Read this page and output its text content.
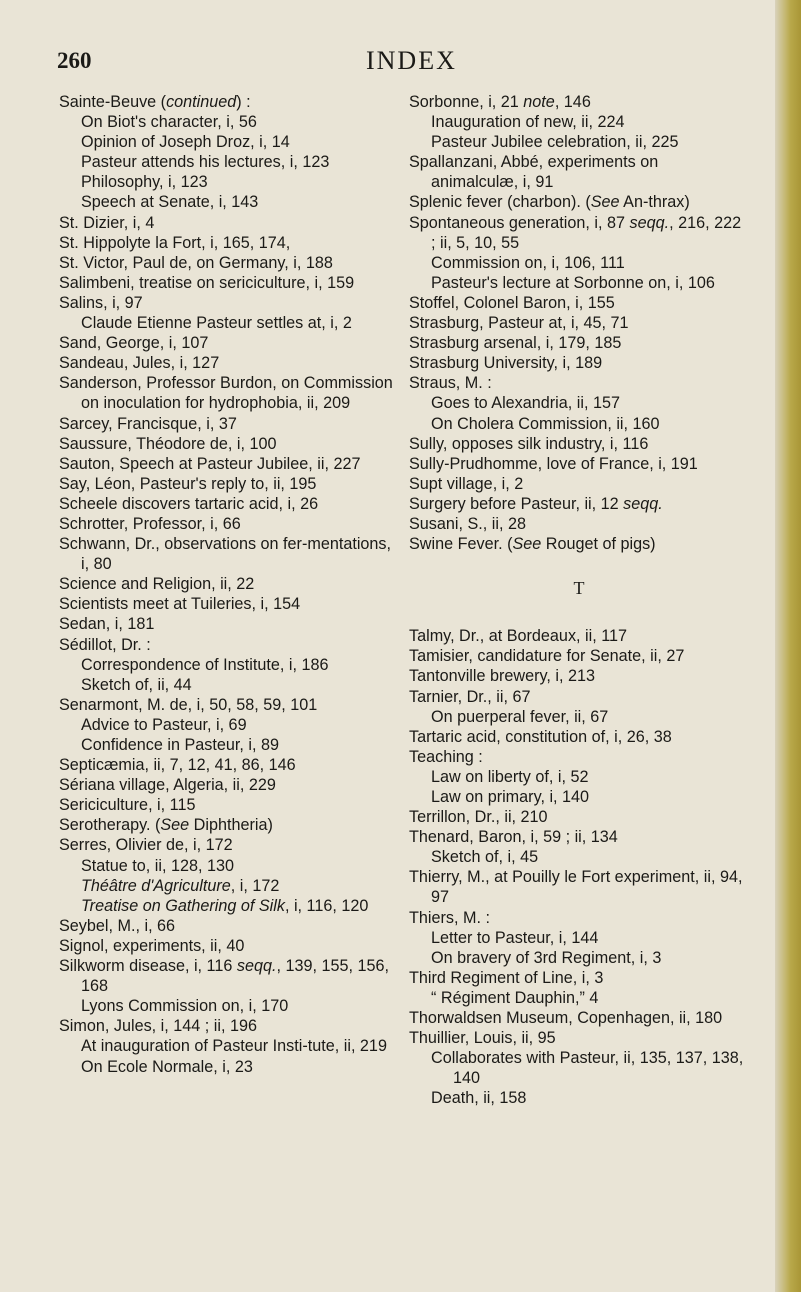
260	INDEX

Sainte-Beuve (continued) :

On Biot's character, i, 56

Opinion of Joseph Droz, i, 14

Pasteur attends his lectures, i, 123

Philosophy, i, 123

Speech at Senate, i, 143

St. Dizier, i, 4

St. Hippolyte la Fort, i, 165, 174,

St. Victor, Paul de, on Germany, i, 188

Salimbeni, treatise on sericiculture, i, 159

Salins, i, 97

Claude Etienne Pasteur settles at, i, 2

Sand, George, i, 107

Sandeau, Jules, i, 127

Sanderson, Professor Burdon, on Commission on inoculation for hydrophobia, ii, 209

Sarcey, Francisque, i, 37

Saussure, Théodore de, i, 100

Sauton, Speech at Pasteur Jubilee, ii, 227

Say, Léon, Pasteur's reply to, ii, 195

Scheele discovers tartaric acid, i, 26

Schrotter, Professor, i, 66

Schwann, Dr., observations on fer-mentations, i, 80

Science and Religion, ii, 22

Scientists meet at Tuileries, i, 154

Sedan, i, 181

Sédillot, Dr. :

Correspondence of Institute, i, 186

Sketch of, ii, 44

Senarmont, M. de, i, 50, 58, 59, 101

Advice to Pasteur, i, 69

Confidence in Pasteur, i, 89

Septicæmia, ii, 7, 12, 41, 86, 146

Sériana village, Algeria, ii, 229

Sericiculture, i, 115

Serotherapy. (See Diphtheria)

Serres, Olivier de, i, 172

Statue to, ii, 128, 130

Théâtre d'Agriculture, i, 172

Treatise on Gathering of Silk, i, 116, 120

Seybel, M., i, 66

Signol, experiments, ii, 40

Silkworm disease, i, 116 seqq., 139, 155, 156, 168

Lyons Commission on, i, 170

Simon, Jules, i, 144 ; ii, 196

At inauguration of Pasteur Insti-tute, ii, 219

On Ecole Normale, i, 23

Sorbonne, i, 21 note, 146

Inauguration of new, ii, 224

Pasteur Jubilee celebration, ii, 225

Spallanzani, Abbé, experiments on animalculæ, i, 91

Splenic fever (charbon). (See An-thrax)

Spontaneous generation, i, 87 seqq., 216, 222 ; ii, 5, 10, 55

Commission on, i, 106, 111

Pasteur's lecture at Sorbonne on, i, 106

Stoffel, Colonel Baron, i, 155

Strasburg, Pasteur at, i, 45, 71

Strasburg arsenal, i, 179, 185

Strasburg University, i, 189

Straus, M. :

Goes to Alexandria, ii, 157

On Cholera Commission, ii, 160

Sully, opposes silk industry, i, 116

Sully-Prudhomme, love of France, i, 191

Supt village, i, 2

Surgery before Pasteur, ii, 12 seqq.

Susani, S., ii, 28

Swine Fever. (See Rouget of pigs)

T

Talmy, Dr., at Bordeaux, ii, 117

Tamisier, candidature for Senate, ii, 27

Tantonville brewery, i, 213

Tarnier, Dr., ii, 67

On puerperal fever, ii, 67

Tartaric acid, constitution of, i, 26, 38

Teaching :

Law on liberty of, i, 52

Law on primary, i, 140

Terrillon, Dr., ii, 210

Thenard, Baron, i, 59 ; ii, 134

Sketch of, i, 45

Thierry, M., at Pouilly le Fort experiment, ii, 94, 97

Thiers, M. :

Letter to Pasteur, i, 144

On bravery of 3rd Regiment, i, 3

Third Regiment of Line, i, 3

“ Régiment Dauphin,” 4

Thorwaldsen Museum, Copenhagen, ii, 180

Thuillier, Louis, ii, 95

Collaborates with Pasteur, ii, 135, 137, 138, 140

Death, ii, 158
